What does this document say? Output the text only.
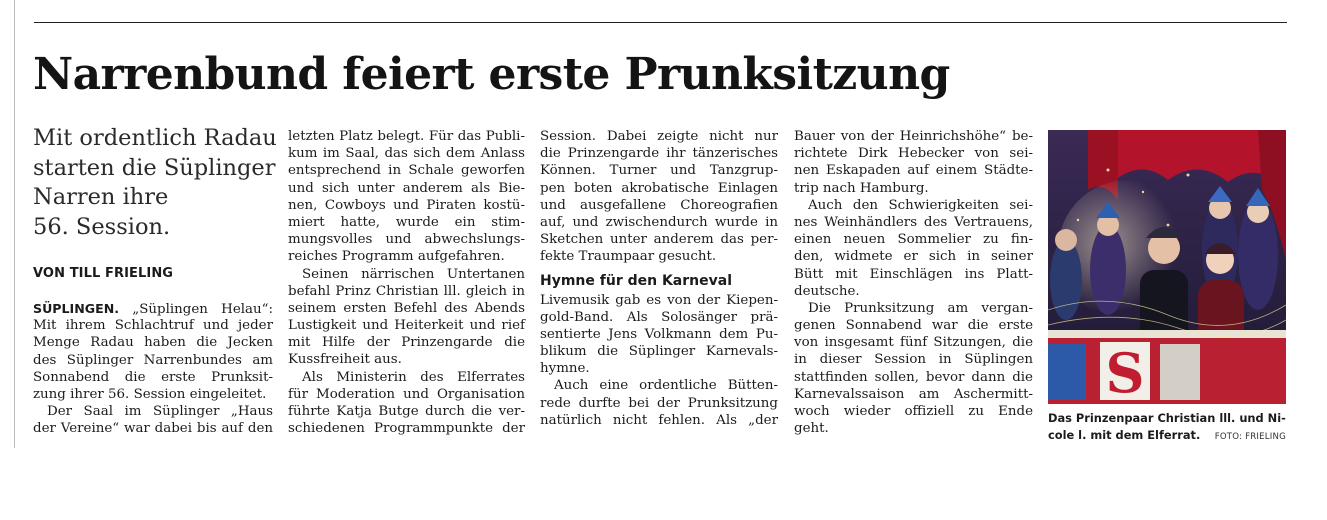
Narrenbund feiert erste Prunksitzung
Mit ordentlich Radau
starten die Süplinger
Narren ihre
56. Session.
VON TILL FRIELING
SÜPLINGEN. „Süplingen Helau“:
Mit ihrem Schlachtruf und jeder
Menge Radau haben die Jecken
des Süplinger Narrenbundes am
Sonnabend die erste Prunksit-
zung ihrer 56. Session eingeleitet.
Der Saal im Süplinger „Haus
der Vereine“ war dabei bis auf den
letzten Platz belegt. Für das Publi-
kum im Saal, das sich dem Anlass
entsprechend in Schale geworfen
und sich unter anderem als Bie-
nen, Cowboys und Piraten kostü-
miert hatte, wurde ein stim-
mungsvolles und abwechslungs-
reiches Programm aufgefahren.
Seinen närrischen Untertanen
befahl Prinz Christian lll. gleich in
seinem ersten Befehl des Abends
Lustigkeit und Heiterkeit und rief
mit Hilfe der Prinzengarde die
Kussfreiheit aus.
Als Ministerin des Elferrates
für Moderation und Organisation
führte Katja Butge durch die ver-
schiedenen Programmpunkte der
Session. Dabei zeigte nicht nur
die Prinzengarde ihr tänzerisches
Können. Turner und Tanzgrup-
pen boten akrobatische Einlagen
und ausgefallene Choreografien
auf, und zwischendurch wurde in
Sketchen unter anderem das per-
fekte Traumpaar gesucht.
Hymne für den Karneval
Livemusik gab es von der Kiepen-
gold-Band. Als Solosänger prä-
sentierte Jens Volkmann dem Pu-
blikum die Süplinger Karnevals-
hymne.
Auch eine ordentliche Bütten-
rede durfte bei der Prunksitzung
natürlich nicht fehlen. Als „der
Bauer von der Heinrichshöhe“ be-
richtete Dirk Hebecker von sei-
nen Eskapaden auf einem Städte-
trip nach Hamburg.
Auch den Schwierigkeiten sei-
nes Weinhändlers des Vertrauens,
einen neuen Sommelier zu fin-
den, widmete er sich in seiner
Bütt mit Einschlägen ins Platt-
deutsche.
Die Prunksitzung am vergan-
genen Sonnabend war die erste
von insgesamt fünf Sitzungen, die
in dieser Session in Süplingen
stattfinden sollen, bevor dann die
Karnevalssaison am Aschermitt-
woch wieder offiziell zu Ende
geht.
S
Das Prinzenpaar Christian lll. und Ni-
cole l. mit dem Elferrat.	FOTO: FRIELING
